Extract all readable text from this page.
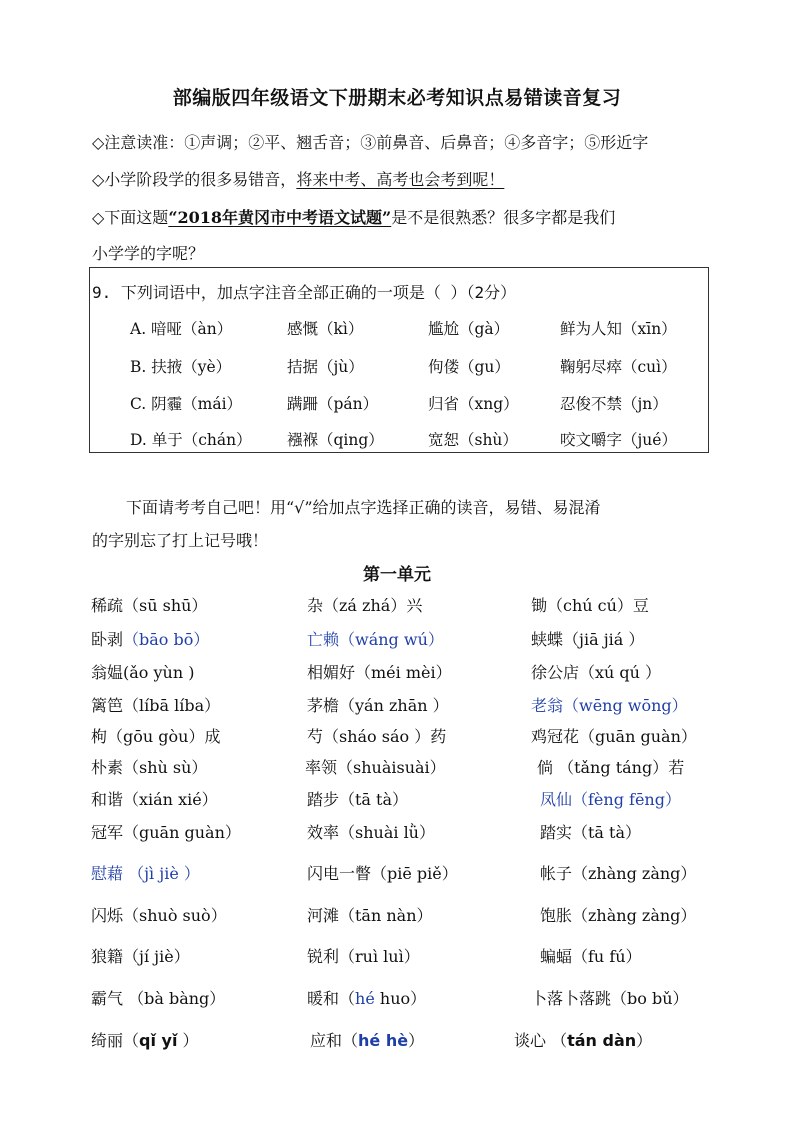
部编版四年级语文下册期末必考知识点易错读音复习
◇注意读准：①声调；②平、翘舌音；③前鼻音、后鼻音；④多音字；⑤形近字
◇小学阶段学的很多易错音，将来中考、高考也会考到呢！
◇下面这题“2018年黄冈市中考语文试题”是不是很熟悉？很多字都是我们
小学学的字呢？
9. 下列词语中，加点字注音全部正确的一项是（ ）（2分）
A. 喑哑（àn）	感慨（kì）	尴尬（gà）	鲜为人知（xīn）
B. 扶掖（yè）	拮据（jù）	佝偻（gu）	鞠躬尽瘁（cuì）
C. 阴霾（mái）	蹒跚（pán）	归省（xng）	忍俊不禁（jn）
D. 单于（chán） 襁褓（qing）	宽恕（shù）	咬文嚼字（jué）
下面请考考自己吧！用“√”给加点字选择正确的读音，易错、易混淆
的字别忘了打上记号哦！
第一单元
稀疏（sū shū）	杂（zá zhá）兴	锄（chú cú）豆
卧剥（bāo bō）	亡赖（wáng wú）	蛱蝶（jiā jiá ）
翁媪(ǎo yùn )	相媚好（méi mèi）	徐公店（xú qú ）
篱笆（líbā líba）	茅檐（yán zhān ）	老翁（wēng wōng）
枸（gōu gòu）成	芍（sháo sáo ）药	鸡冠花（guān guàn）
朴素（shù sù）	率领（shuàisuài）	倘 （tǎng táng）若
和谐（xián xié）	踏步（tā tà）	凤仙（fèng fēng）
冠军（guān guàn）	效率（shuài lǜ）	踏实（tā tà）
慰藉 （jì jiè ）	闪电一瞥（piē piě）	帐子（zhàng zàng）
闪烁（shuò suò）	河滩（tān nàn）	饱胀（zhàng zàng）
狼籍（jí jiè）	锐利（ruì luì）	蝙蝠（fu fú）
霸气 （bà bàng）	暖和（hé huo）	卜落卜落跳（bo bǔ）
绮丽（qǐ yǐ ）	应和（hé hè）	谈心 （tán dàn）
